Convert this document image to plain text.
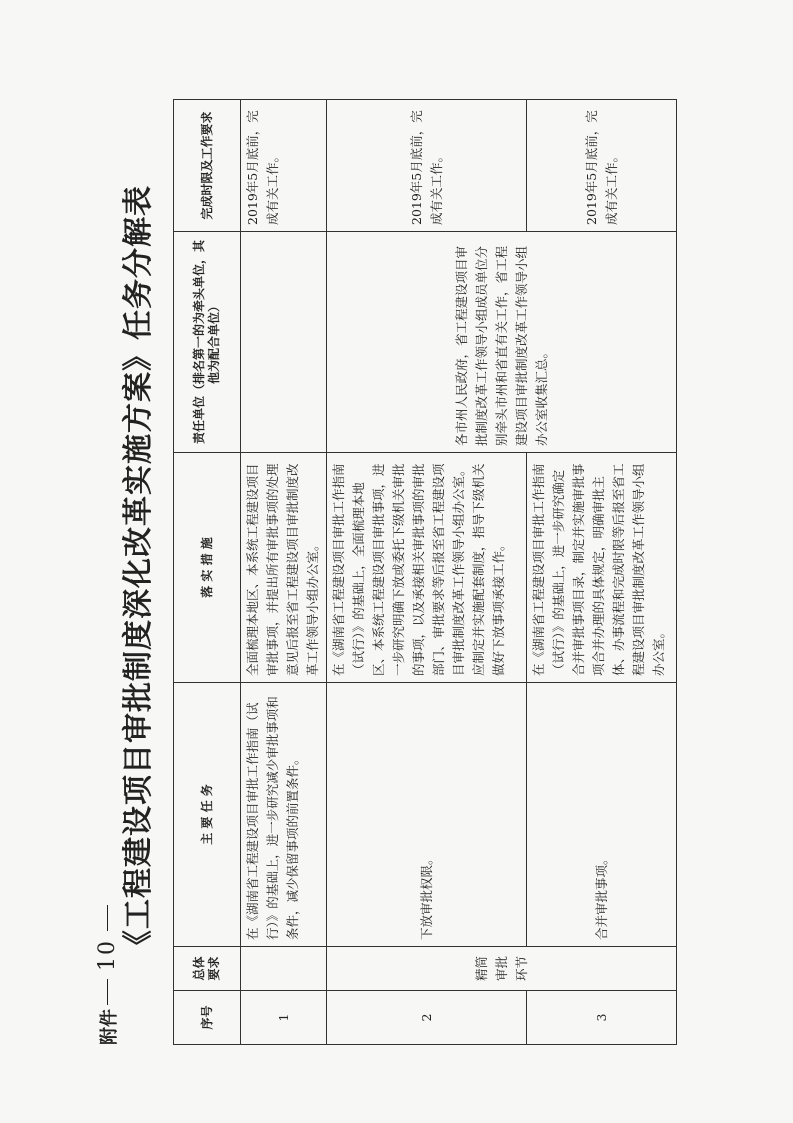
10
附件
《工程建设项目审批制度深化改革实施方案》任务分解表
序号	总体要求	主 要 任 务	落 实 措 施	责任单位（排名第一的为牵头单位，其他为配合单位）	完成时限及工作要求
1		在《湖南省工程建设项目审批工作指南（试行）》的基础上，进一步研究减少审批事项和条件，减少保留事项的前置条件。	全面梳理本地区、本系统工程建设项目审批事项，并提出所有审批事项的处理意见后报至省工程建设项目审批制度改革工作领导小组办公室。		2019年5月底前，完成有关工作。
2	精简审批环节	下放审批权限。	在《湖南省工程建设项目审批工作指南（试行）》的基础上，全面梳理本地区、本系统工程建设项目审批事项，进一步研究明确下放或委托下级机关审批的事项，以及承接相关审批事项的审批部门、审批要求等后报至省工程建设项目审批制度改革工作领导小组办公室。应制定并实施配套制度，指导下级机关做好下放事项承接工作。	各市州人民政府，省工程建设项目审批制度改革工作领导小组成员单位分别牵头市州和省直有关工作，省工程建设项目审批制度改革工作领导小组办公室收集汇总。	2019年5月底前，完成有关工作。
3		合并审批事项。	在《湖南省工程建设项目审批工作指南（试行）》的基础上，进一步研究确定合并审批事项目录，制定并实施审批事项合并办理的具体规定，明确审批主体、办事流程和完成时限等后报至省工程建设项目审批制度改革工作领导小组办公室。		2019年5月底前，完成有关工作。
